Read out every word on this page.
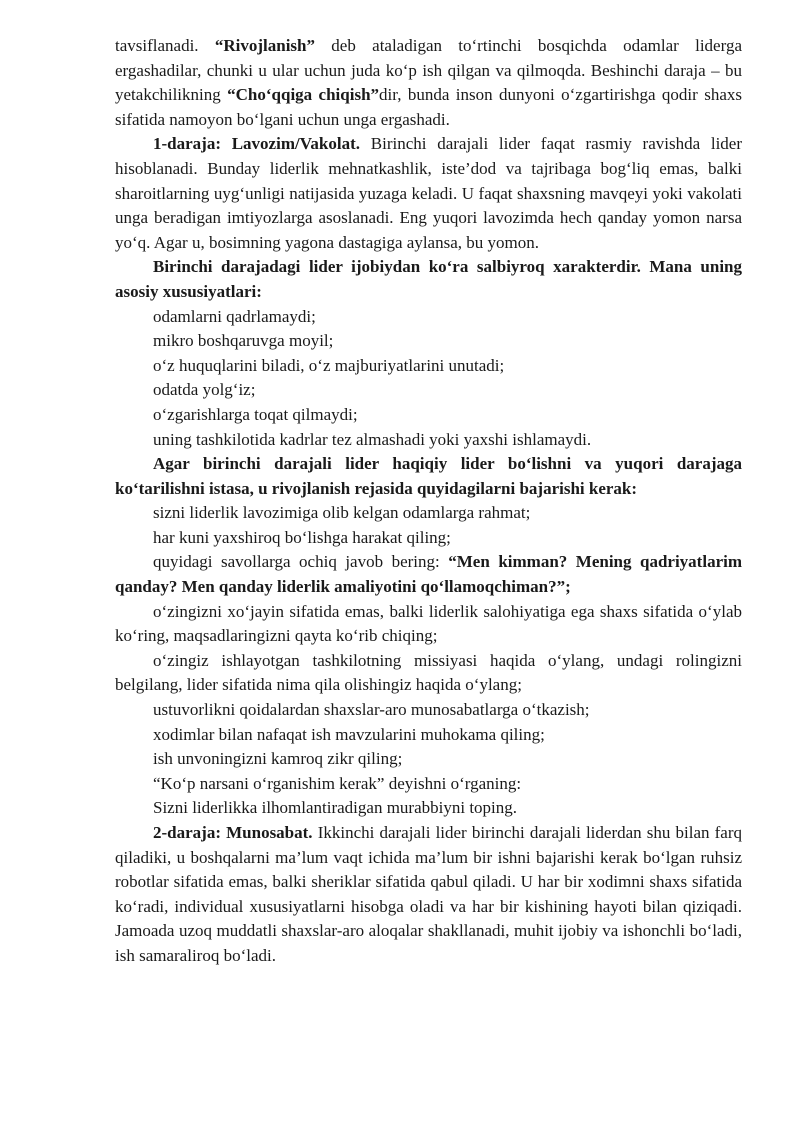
tavsiflanadi. “Rivojlanish” deb ataladigan to‘rtinchi bosqichda odamlar liderga ergashadilar, chunki u ular uchun juda ko‘p ish qilgan va qilmoqda. Beshinchi daraja – bu yetakchilikning “Cho‘qqiga chiqish”dir, bunda inson dunyoni o‘zgartirishga qodir shaxs sifatida namoyon bo‘lgani uchun unga ergashadi.

1-daraja: Lavozim/Vakolat. Birinchi darajali lider faqat rasmiy ravishda lider hisoblanadi. Bunday liderlik mehnatkashlik, iste’dod va tajribaga bog‘liq emas, balki sharoitlarning uyg‘unligi natijasida yuzaga keladi. U faqat shaxsning mavqeyi yoki vakolati unga beradigan imtiyozlarga asoslanadi. Eng yuqori lavozimda hech qanday yomon narsa yo‘q. Agar u, bosimning yagona dastagiga aylansa, bu yomon.

Birinchi darajadagi lider ijobiydan ko‘ra salbiyroq xarakterdir. Mana uning asosiy xususiyatlari:

odamlarni qadrlamaydi;

mikro boshqaruvga moyil;

o‘z huquqlarini biladi, o‘z majburiyatlarini unutadi;

odatda yolg‘iz;

o‘zgarishlarga toqat qilmaydi;

uning tashkilotida kadrlar tez almashadi yoki yaxshi ishlamaydi.

Agar birinchi darajali lider haqiqiy lider bo‘lishni va yuqori darajaga ko‘tarilishni istasa, u rivojlanish rejasida quyidagilarni bajarishi kerak:

sizni liderlik lavozimiga olib kelgan odamlarga rahmat;

har kuni yaxshiroq bo‘lishga harakat qiling;

quyidagi savollarga ochiq javob bering: “Men kimman? Mening qadriyatlarim qanday? Men qanday liderlik amaliyotini qo‘llamoqchiman?”;

o‘zingizni xo‘jayin sifatida emas, balki liderlik salohiyatiga ega shaxs sifatida o‘ylab ko‘ring, maqsadlaringizni qayta ko‘rib chiqing;

o‘zingiz ishlayotgan tashkilotning missiyasi haqida o‘ylang, undagi rolingizni belgilang, lider sifatida nima qila olishingiz haqida o‘ylang;

ustuvorlikni qoidalardan shaxslar-aro munosabatlarga o‘tkazish;

xodimlar bilan nafaqat ish mavzularini muhokama qiling;

ish unvoningizni kamroq zikr qiling;

“Ko‘p narsani o‘rganishim kerak” deyishni o‘rganing:

Sizni liderlikka ilhomlantiradigan murabbiyni toping.

2-daraja: Munosabat. Ikkinchi darajali lider birinchi darajali liderdan shu bilan farq qiladiki, u boshqalarni ma’lum vaqt ichida ma’lum bir ishni bajarishi kerak bo‘lgan ruhsiz robotlar sifatida emas, balki sheriklar sifatida qabul qiladi. U har bir xodimni shaxs sifatida ko‘radi, individual xususiyatlarni hisobga oladi va har bir kishining hayoti bilan qiziqadi. Jamoada uzoq muddatli shaxslar-aro aloqalar shakllanadi, muhit ijobiy va ishonchli bo‘ladi, ish samaraliroq bo‘ladi.
